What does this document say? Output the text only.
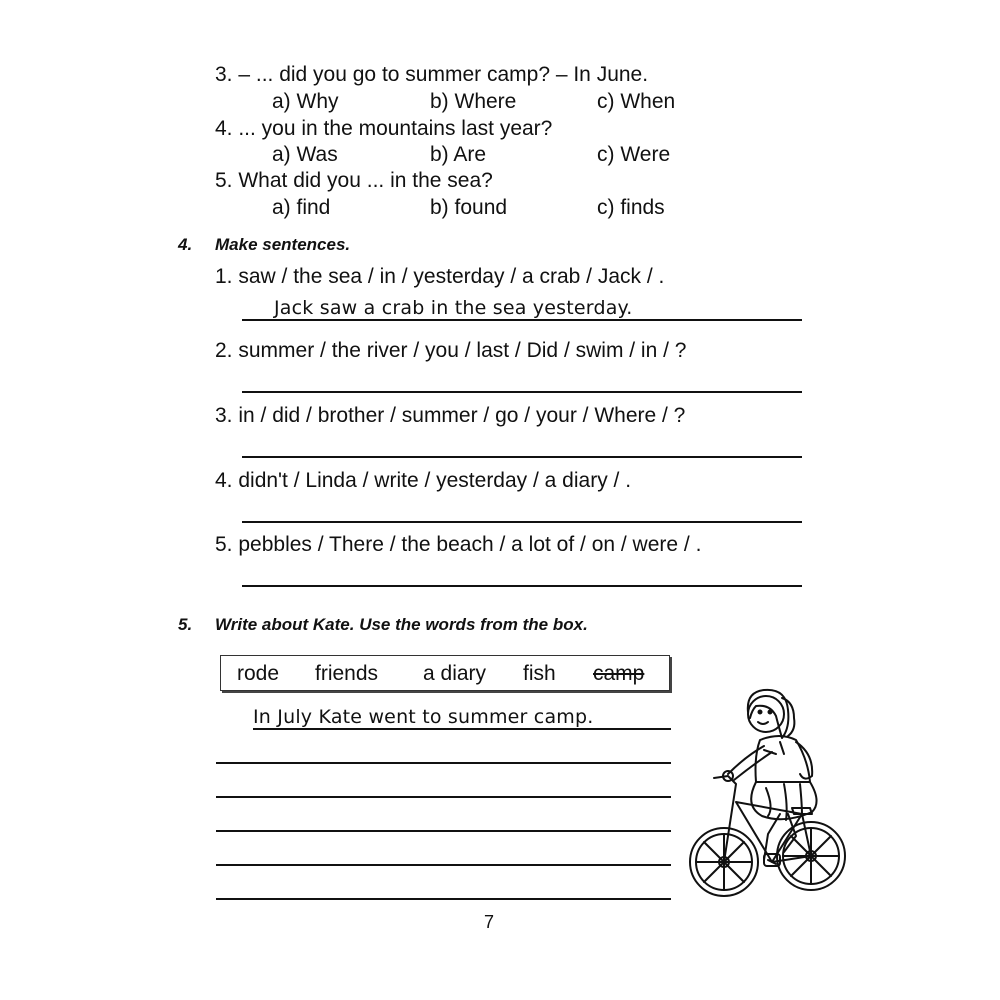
3. – ... did you go to summer camp? – In June.
a) Why	b) Where	c) When
4. ... you in the mountains last year?
a) Was	b) Are	c) Were
5. What did you ... in the sea?
a) find	b) found	c) finds
4. Make sentences.
1. saw / the sea / in / yesterday / a crab / Jack / .
Jack saw a crab in the sea yesterday.
2. summer / the river / you / last / Did / swim / in / ?
3. in / did / brother / summer / go / your / Where / ?
4. didn't / Linda / write / yesterday / a diary / .
5. pebbles / There / the beach / a lot of / on / were / .
5. Write about Kate. Use the words from the box.
rode friends a diary fish camp
In July Kate went to summer camp.
7
